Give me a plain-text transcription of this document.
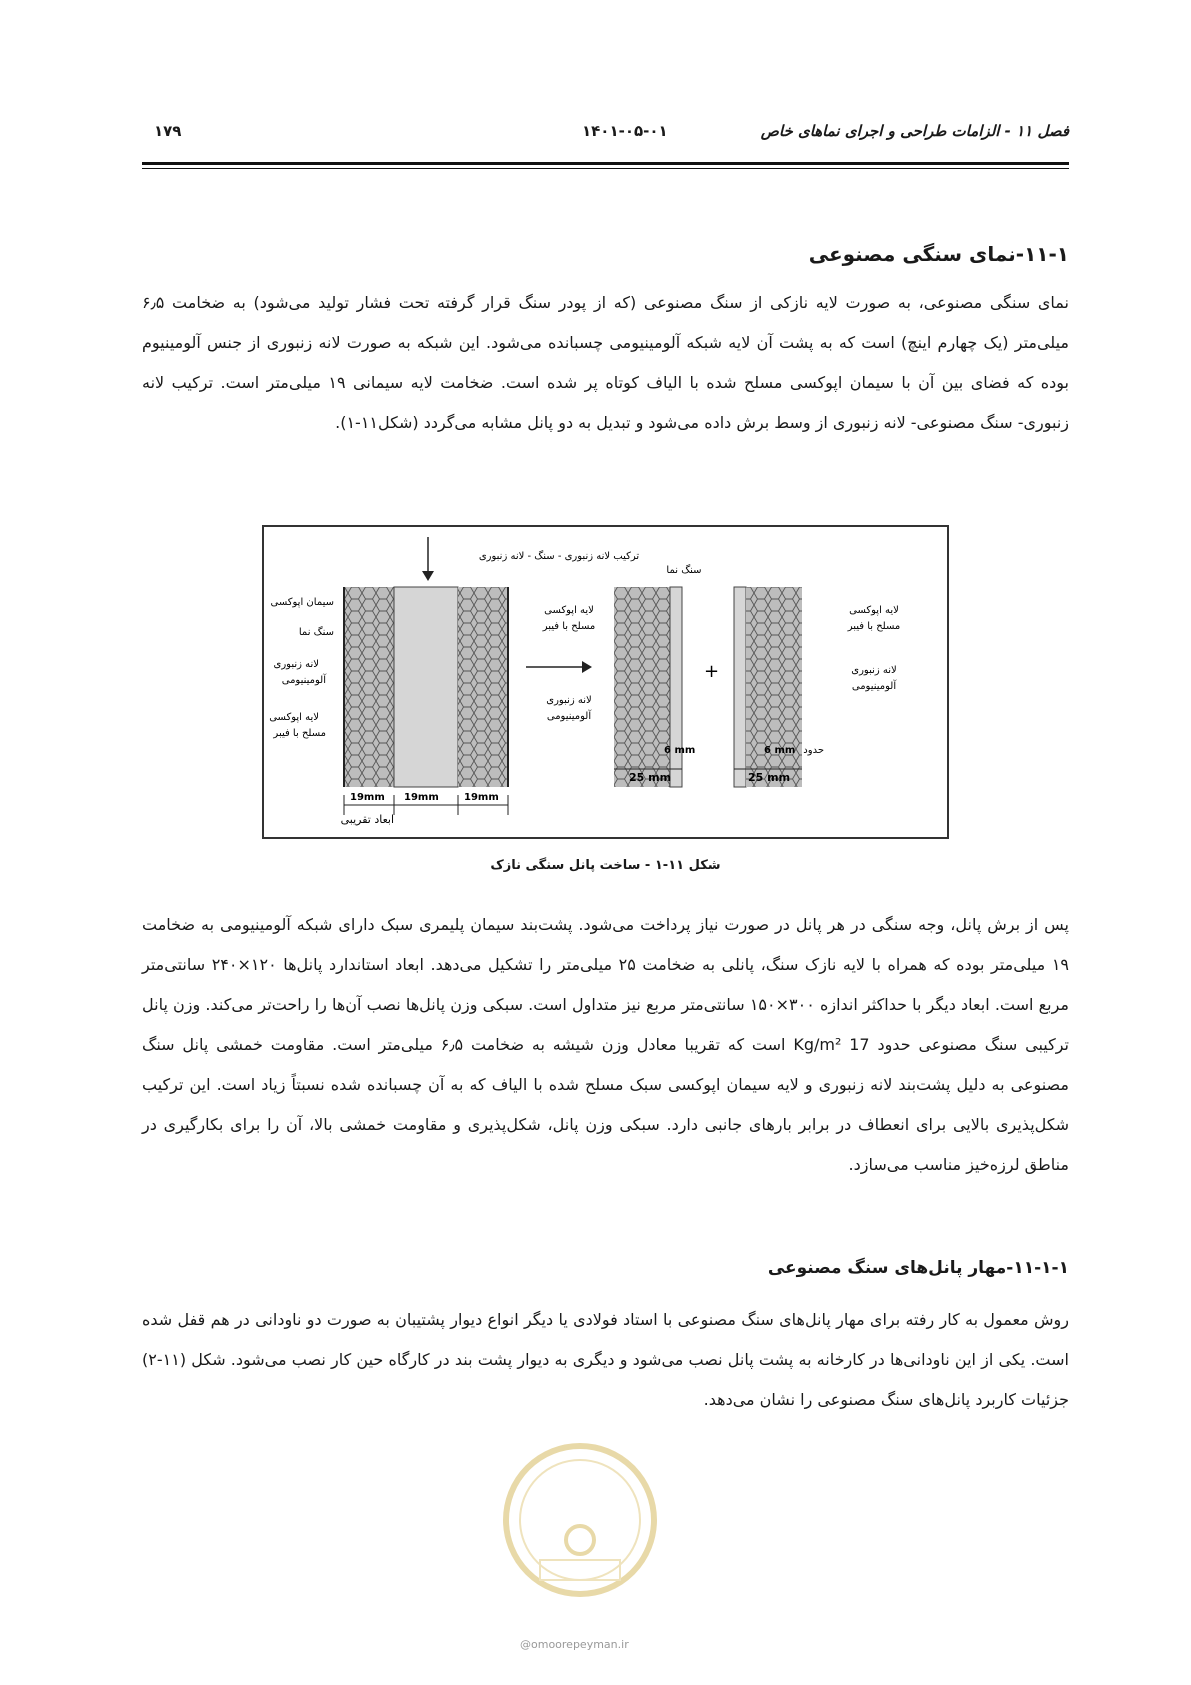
۱۷۹	۱۴۰۱-۰۵-۰۱	فصل ۱۱ - الزامات طراحی و اجرای نماهای خاص
۱۱-۱-نمای سنگی مصنوعی

نمای سنگی مصنوعی، به صورت لایه نازکی از سنگ مصنوعی (که از پودر سنگ قرار گرفته تحت فشار تولید می‌شود) به ضخامت ۶٫۵ میلی‌متر (یک چهارم اینچ) است که به پشت آن لایه شبکه آلومینیومی چسبانده می‌شود. این شبکه به صورت لانه زنبوری از جنس آلومینیوم بوده که فضای بین آن با سیمان اپوکسی مسلح شده با الیاف کوتاه پر شده است. ضخامت لایه سیمانی ۱۹ میلی‌متر است. ترکیب لانه زنبوری- سنگ مصنوعی- لانه زنبوری از وسط برش داده می‌شود و تبدیل به دو پانل مشابه می‌گردد (شکل۱۱-۱).

19mm 19mm	19mm
ابعاد تقریبی
سیمان اپوکسی
سنگ نما
لانه زنبوری
آلومینیومی
لایه اپوکسی
مسلح با فیبر
ترکیب لانه زنبوری - سنگ - لانه زنبوری
لایه اپوکسی
مسلح با فیبر
لانه زنبوری
آلومینیومی
سنگ نما
+
6 mm
25 mm
لایه اپوکسی
مسلح با فیبر
لانه زنبوری
آلومینیومی
6 mm حدود
25 mm
شکل ۱۱-۱ - ساخت پانل سنگی نازک

پس از برش پانل، وجه سنگی در هر پانل در صورت نیاز پرداخت می‌شود. پشت‌بند سیمان پلیمری سبک دارای شبکه آلومینیومی به ضخامت ۱۹ میلی‌متر بوده که همراه با لایه نازک سنگ، پانلی به ضخامت ۲۵ میلی‌متر را تشکیل می‌دهد. ابعاد استاندارد پانل‌ها ۱۲۰×۲۴۰ سانتی‌متر مربع است. ابعاد دیگر با حداکثر اندازه ۳۰۰×۱۵۰ سانتی‌متر مربع نیز متداول است. سبکی وزن پانل‌ها نصب آن‌ها را راحت‌تر می‌کند. وزن پانل ترکیبی سنگ مصنوعی حدود 17 Kg/m² است که تقریبا معادل وزن شیشه به ضخامت ۶٫۵ میلی‌متر است. مقاومت خمشی پانل سنگ مصنوعی به دلیل پشت‌بند لانه زنبوری و لایه سیمان اپوکسی سبک مسلح شده با الیاف که به آن چسبانده شده نسبتاً زیاد است. این ترکیب شکل‌پذیری بالایی برای انعطاف در برابر بارهای جانبی دارد. سبکی وزن پانل، شکل‌پذیری و مقاومت خمشی بالا، آن را برای بکارگیری در مناطق لرزه‌خیز مناسب می‌سازد.

۱۱-۱-۱-مهار پانل‌های سنگ مصنوعی

روش معمول به کار رفته برای مهار پانل‌های سنگ مصنوعی با استاد فولادی یا دیگر انواع دیوار پشتیبان به صورت دو ناودانی در هم قفل شده است. یکی از این ناودانی‌ها در کارخانه به پشت پانل نصب می‌شود و دیگری به دیوار پشت بند در کارگاه حین کار نصب می‌شود. شکل (۱۱-۲) جزئیات کاربرد پانل‌های سنگ مصنوعی را نشان می‌دهد.

@omoorepeyman.ir
